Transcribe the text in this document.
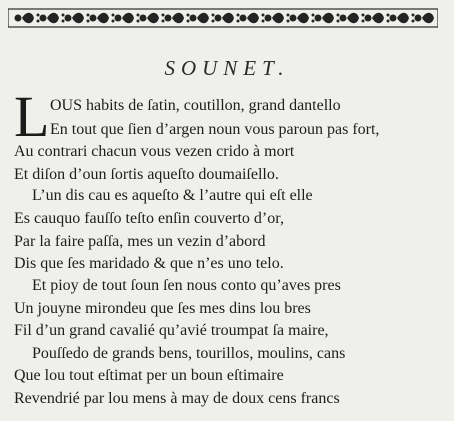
SOUNET.
L OUS habits de ſatin, coutillon, grand dantello
En tout que ſien d’argen noun vous paroun pas fort,
Au contrari chacun vous vezen crido à mort
Et diſon d’oun ſortis aqueſto doumaiſello.
L’un dis cau es aqueſto & l’autre qui eſt elle
Es cauquo fauſſo teſto enſin couverto d’or,
Par la faire paſſa, mes un vezin d’abord
Dis que ſes maridado & que n’es uno telo.
Et pioy de tout ſoun ſen nous conto qu’aves pres
Un jouyne mirondeu que ſes mes dins lou bres
Fil d’un grand cavalié qu’avié troumpat ſa maire,
Pouſſedo de grands bens, tourillos, moulins, cans
Que lou tout eſtimat per un boun eſtimaire
Revendrié par lou mens à may de doux cens francs
